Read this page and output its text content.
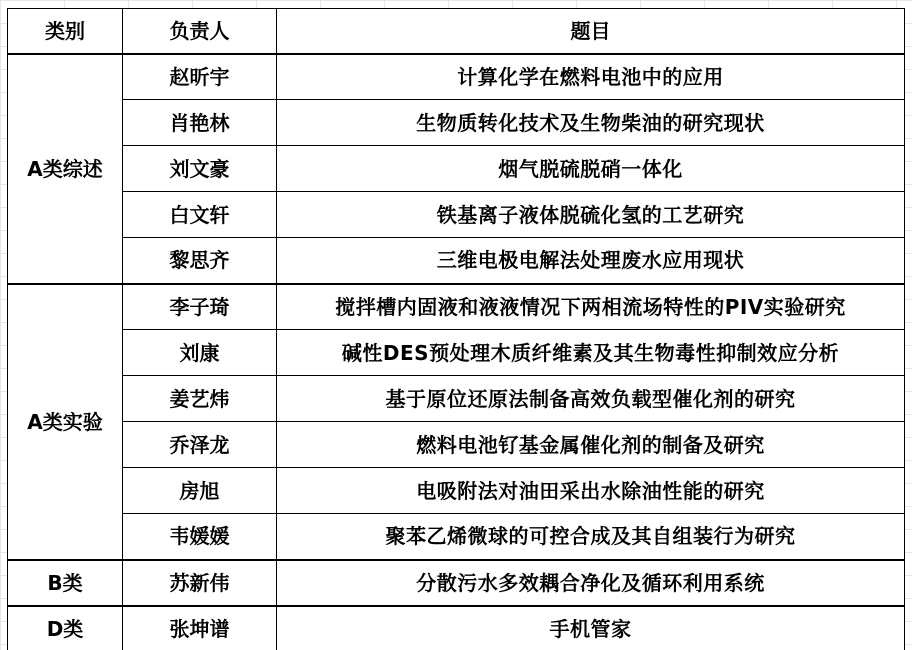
类别	负责人	题目
A类综述	赵昕宇	计算化学在燃料电池中的应用
	肖艳林	生物质转化技术及生物柴油的研究现状
	刘文豪	烟气脱硫脱硝一体化
	白文轩	铁基离子液体脱硫化氢的工艺研究
	黎思齐	三维电极电解法处理废水应用现状
A类实验	李子琦	搅拌槽内固液和液液情况下两相流场特性的PIV实验研究
	刘康	碱性DES预处理木质纤维素及其生物毒性抑制效应分析
	姜艺炜	基于原位还原法制备高效负载型催化剂的研究
	乔泽龙	燃料电池钌基金属催化剂的制备及研究
	房旭	电吸附法对油田采出水除油性能的研究
	韦媛媛	聚苯乙烯微球的可控合成及其自组装行为研究
B类	苏新伟	分散污水多效耦合净化及循环利用系统
D类	张坤谱	手机管家
